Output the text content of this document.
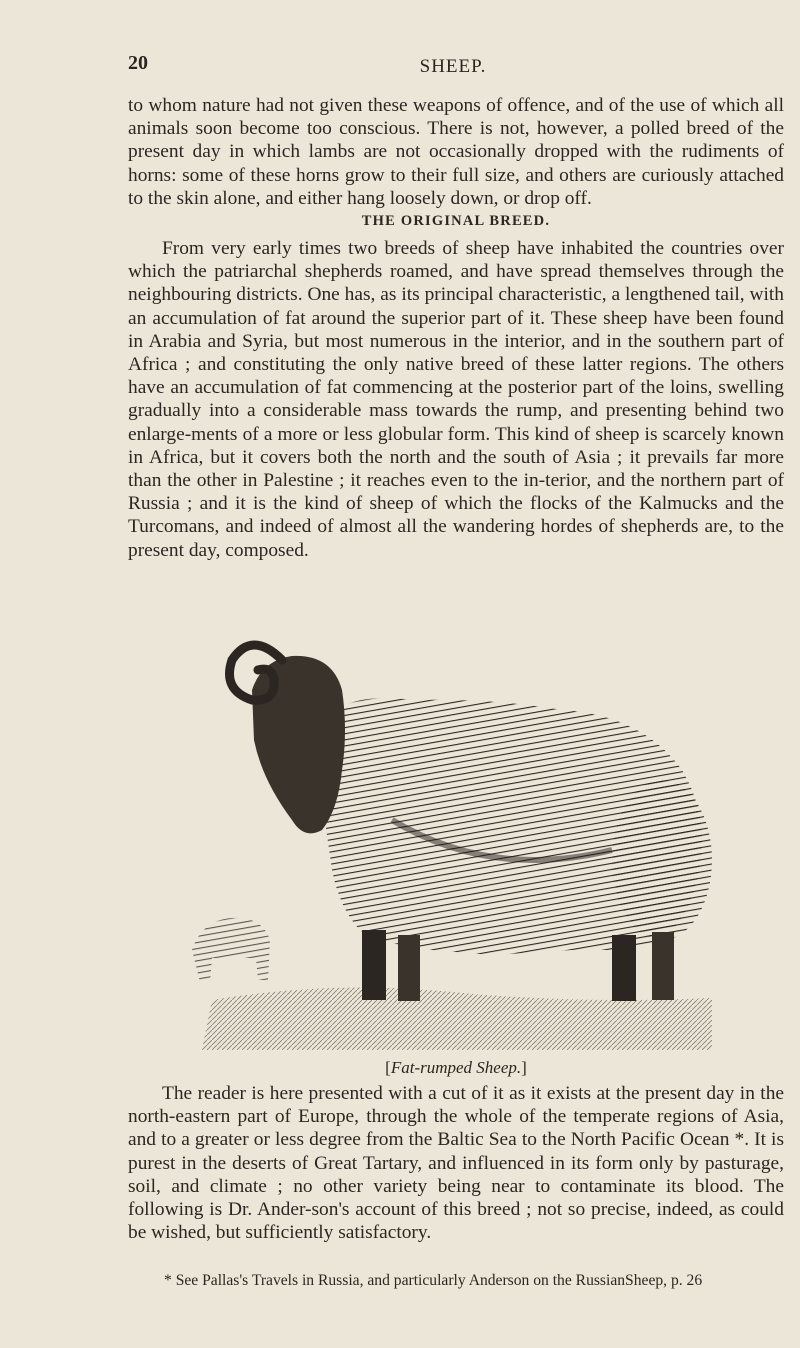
20	SHEEP.

to whom nature had not given these weapons of offence, and of the use of which all animals soon become too conscious. There is not, however, a polled breed of the present day in which lambs are not occasionally dropped with the rudiments of horns: some of these horns grow to their full size, and others are curiously attached to the skin alone, and either hang loosely down, or drop off.

THE ORIGINAL BREED.

From very early times two breeds of sheep have inhabited the countries over which the patriarchal shepherds roamed, and have spread themselves through the neighbouring districts. One has, as its principal characteristic, a lengthened tail, with an accumulation of fat around the superior part of it. These sheep have been found in Arabia and Syria, but most numerous in the interior, and in the southern part of Africa ; and constituting the only native breed of these latter regions. The others have an accumulation of fat commencing at the posterior part of the loins, swelling gradually into a considerable mass towards the rump, and presenting behind two enlarge-ments of a more or less globular form. This kind of sheep is scarcely known in Africa, but it covers both the north and the south of Asia ; it prevails far more than the other in Palestine ; it reaches even to the in-terior, and the northern part of Russia ; and it is the kind of sheep of which the flocks of the Kalmucks and the Turcomans, and indeed of almost all the wandering hordes of shepherds are, to the present day, composed.

[Fat-rumped Sheep.]

The reader is here presented with a cut of it as it exists at the present day in the north-eastern part of Europe, through the whole of the temperate regions of Asia, and to a greater or less degree from the Baltic Sea to the North Pacific Ocean *. It is purest in the deserts of Great Tartary, and influenced in its form only by pasturage, soil, and climate ; no other variety being near to contaminate its blood. The following is Dr. Ander-son's account of this breed ; not so precise, indeed, as could be wished, but sufficiently satisfactory.

* See Pallas's Travels in Russia, and particularly Anderson on the RussianSheep, p. 26
